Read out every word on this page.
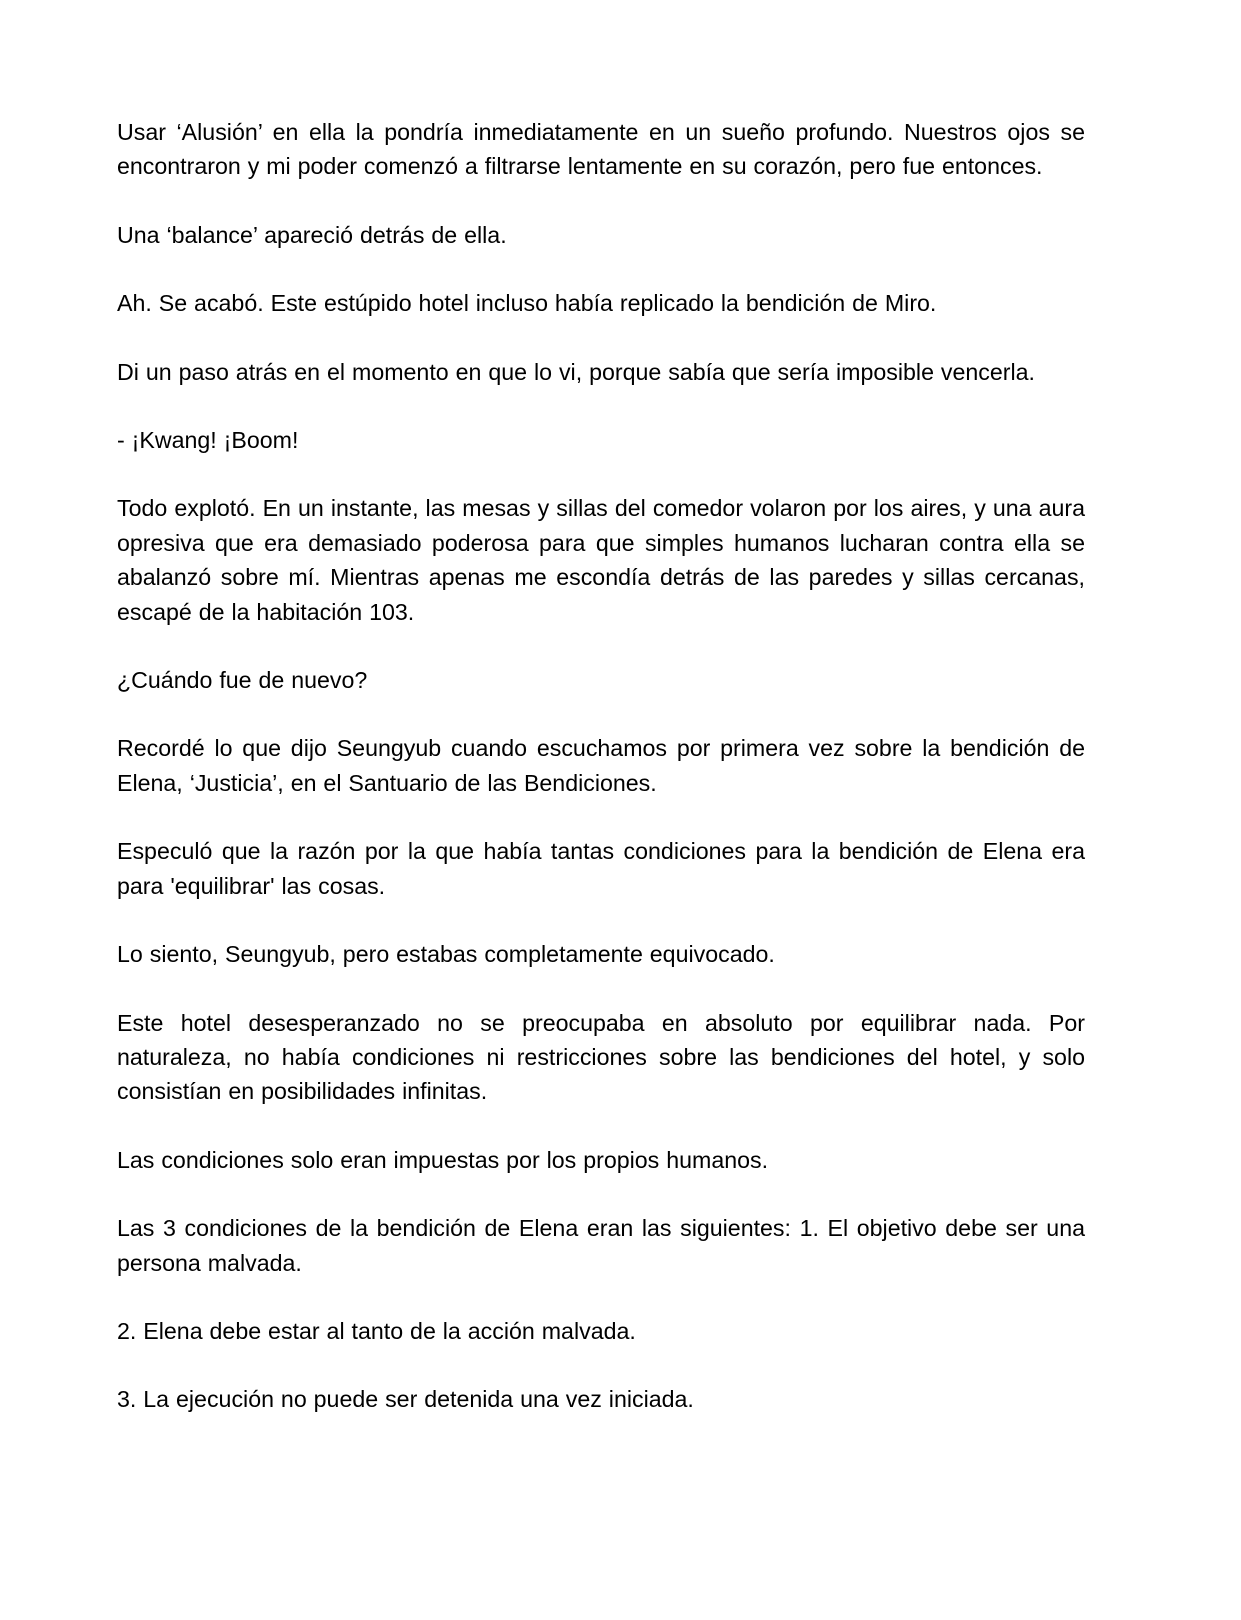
Usar ‘Alusión’ en ella la pondría inmediatamente en un sueño profundo. Nuestros ojos se encontraron y mi poder comenzó a filtrarse lentamente en su corazón, pero fue entonces.

Una ‘balance’ apareció detrás de ella.

Ah. Se acabó. Este estúpido hotel incluso había replicado la bendición de Miro.

Di un paso atrás en el momento en que lo vi, porque sabía que sería imposible vencerla.

- ¡Kwang! ¡Boom!

Todo explotó. En un instante, las mesas y sillas del comedor volaron por los aires, y una aura opresiva que era demasiado poderosa para que simples humanos lucharan contra ella se abalanzó sobre mí. Mientras apenas me escondía detrás de las paredes y sillas cercanas, escapé de la habitación 103.

¿Cuándo fue de nuevo?

Recordé lo que dijo Seungyub cuando escuchamos por primera vez sobre la bendición de Elena, ‘Justicia’, en el Santuario de las Bendiciones.

Especuló que la razón por la que había tantas condiciones para la bendición de Elena era para 'equilibrar' las cosas.

Lo siento, Seungyub, pero estabas completamente equivocado.

Este hotel desesperanzado no se preocupaba en absoluto por equilibrar nada. Por naturaleza, no había condiciones ni restricciones sobre las bendiciones del hotel, y solo consistían en posibilidades infinitas.

Las condiciones solo eran impuestas por los propios humanos.

Las 3 condiciones de la bendición de Elena eran las siguientes: 1. El objetivo debe ser una persona malvada.

2. Elena debe estar al tanto de la acción malvada.

3. La ejecución no puede ser detenida una vez iniciada.
